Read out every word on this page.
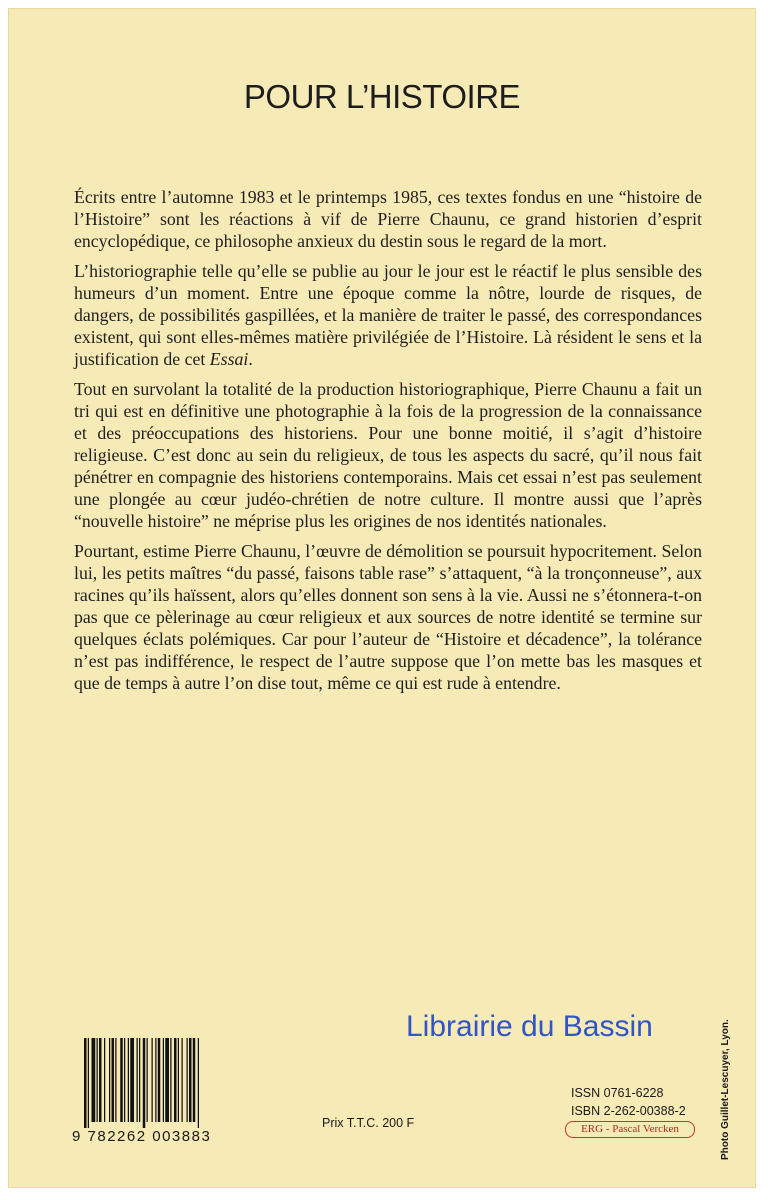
POUR L’HISTOIRE

Écrits entre l’automne 1983 et le printemps 1985, ces textes fondus en une “histoire de l’Histoire” sont les réactions à vif de Pierre Chaunu, ce grand historien d’esprit encyclopédique, ce philosophe anxieux du destin sous le regard de la mort.

L’historiographie telle qu’elle se publie au jour le jour est le réactif le plus sensible des humeurs d’un moment. Entre une époque comme la nôtre, lourde de risques, de dangers, de possibilités gaspillées, et la manière de traiter le passé, des correspondances existent, qui sont elles-mêmes matière privilégiée de l’Histoire. Là résident le sens et la justification de cet Essai.

Tout en survolant la totalité de la production historiographique, Pierre Chaunu a fait un tri qui est en définitive une photographie à la fois de la progression de la connaissance et des préoccupations des historiens. Pour une bonne moitié, il s’agit d’histoire religieuse. C’est donc au sein du religieux, de tous les aspects du sacré, qu’il nous fait pénétrer en compagnie des historiens contemporains. Mais cet essai n’est pas seulement une plongée au cœur judéo-chrétien de notre culture. Il montre aussi que l’après “nouvelle histoire” ne méprise plus les origines de nos identités nationales.

Pourtant, estime Pierre Chaunu, l’œuvre de démolition se poursuit hypocritement. Selon lui, les petits maîtres “du passé, faisons table rase” s’attaquent, “à la tronçonneuse”, aux racines qu’ils haïssent, alors qu’elles donnent son sens à la vie. Aussi ne s’étonnera-t-on pas que ce pèlerinage au cœur religieux et aux sources de notre identité se termine sur quelques éclats polémiques. Car pour l’auteur de “Histoire et décadence”, la tolérance n’est pas indifférence, le respect de l’autre suppose que l’on mette bas les masques et que de temps à autre l’on dise tout, même ce qui est rude à entendre.

Librairie du Bassin
ISSN 0761-6228
ISBN 2-262-00388-2
ERG - Pascal Vercken	Photo Guillet-Lescuyer, Lyon.
9 782262 003883
Prix T.T.C. 200 F
